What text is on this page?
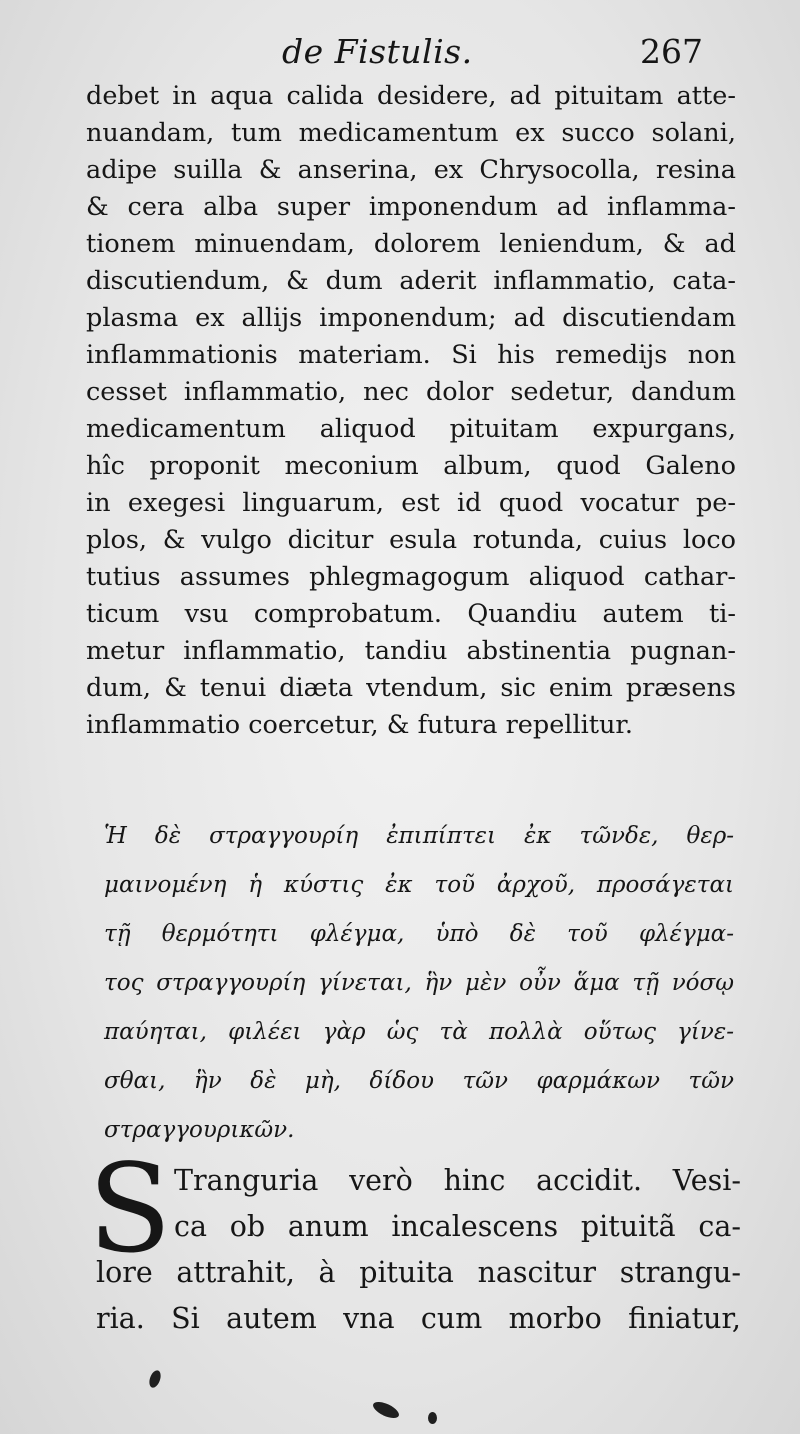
de Fistulis.	267
debet in aqua calida desidere, ad pituitam atte-
nuandam, tum medicamentum ex succo solani,
adipe suilla & anserina, ex Chrysocolla, resina
& cera alba super imponendum ad inflamma-
tionem minuendam, dolorem leniendum, & ad
discutiendum, & dum aderit inflammatio, cata-
plasma ex allijs imponendum; ad discutiendam
inflammationis materiam. Si his remedijs non
cesset inflammatio, nec dolor sedetur, dandum
medicamentum aliquod pituitam expurgans,
hîc proponit meconium album, quod Galeno
in exegesi linguarum, est id quod vocatur pe-
plos, & vulgo dicitur esula rotunda, cuius loco
tutius assumes phlegmagogum aliquod cathar-
ticum vsu comprobatum. Quandiu autem ti-
metur inflammatio, tandiu abstinentia pugnan-
dum, & tenui diæta vtendum, sic enim præsens
inflammatio coercetur, & futura repellitur.
Ἡ δὲ στραγγουρίη ἐπιπίπτει ἐκ τῶνδε, θερ-
μαινομένη ἡ κύστις ἐκ τοῦ ἀρχοῦ, προσάγεται
τῇ θερμότητι φλέγμα, ὑπὸ δὲ τοῦ φλέγμα-
τος στραγγουρίη γίνεται, ἣν μὲν οὖν ἅμα τῇ νόσῳ
παύηται, φιλέει γὰρ ὡς τὰ πολλὰ οὕτως γίνε-
σθαι, ἣν δὲ μὴ, δίδου τῶν φαρμάκων τῶν
στραγγουρικῶν.
S Tranguria verò hinc accidit. Vesi-
ca ob anum incalescens pituitã ca-
lore attrahit, à pituita nascitur strangu-
ria. Si autem vna cum morbo finiatur,
